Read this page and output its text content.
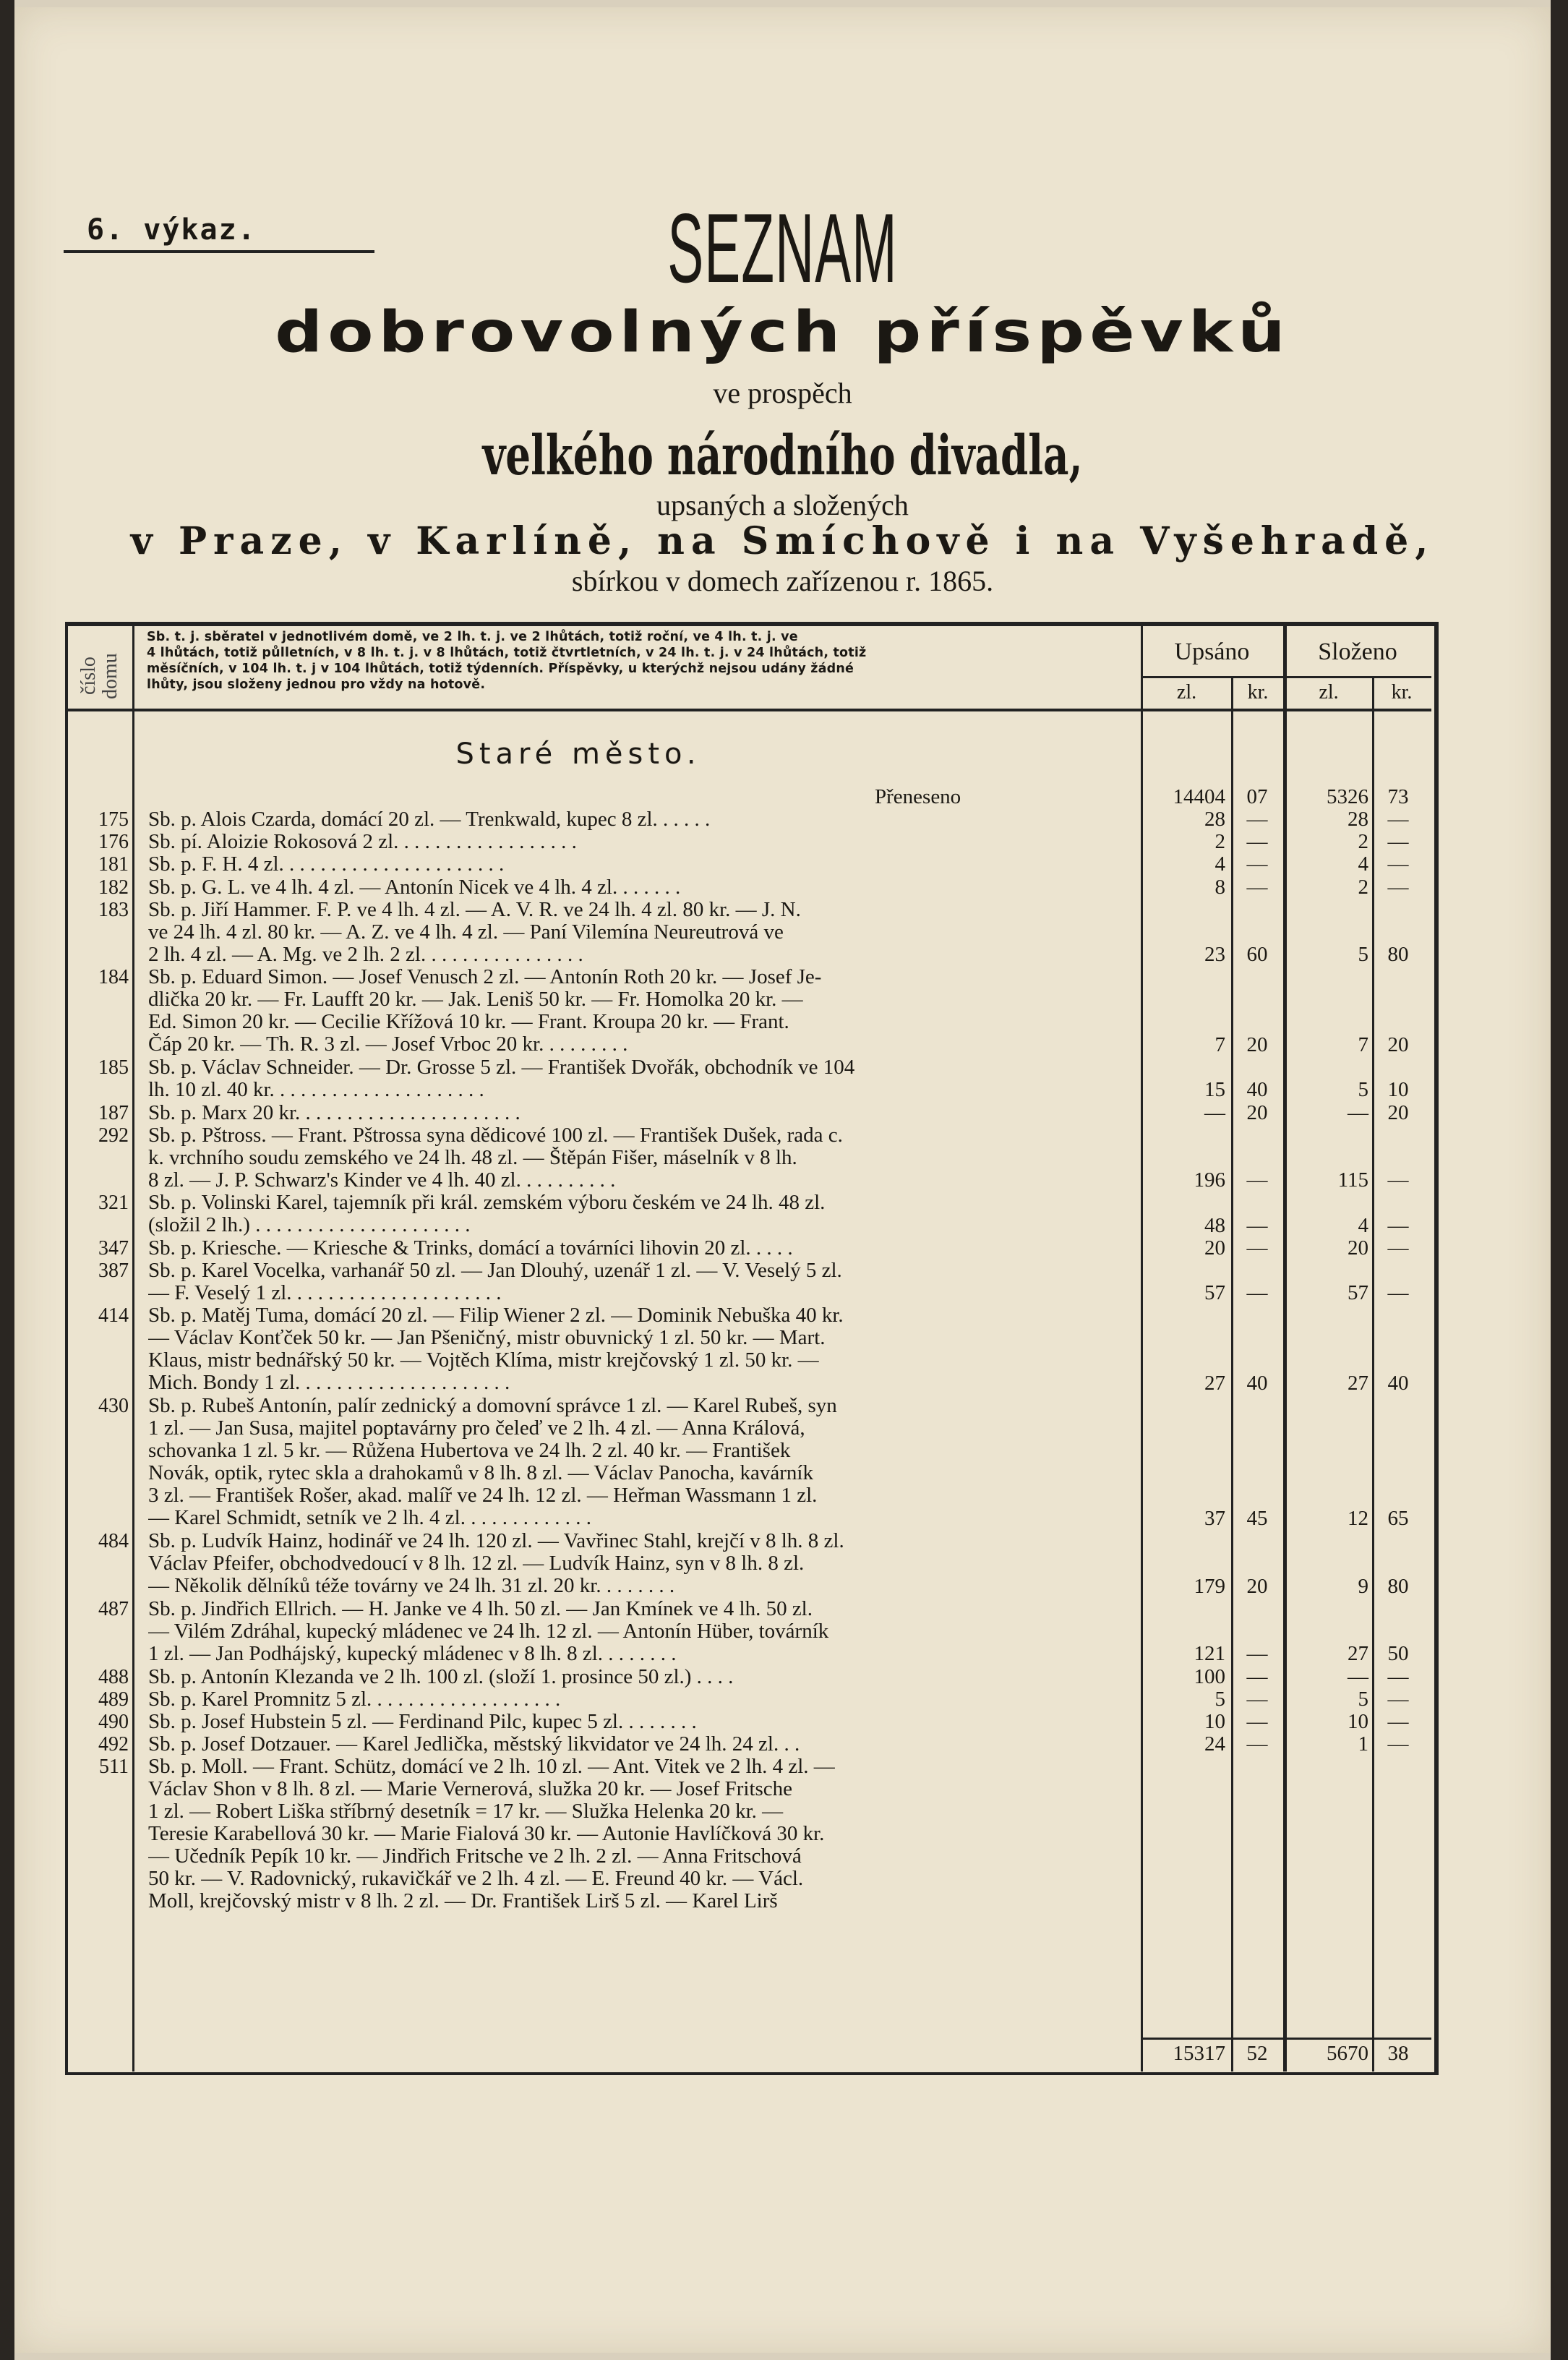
6. výkaz.	SEZNAM
dobrovolných příspěvků
ve prospěch
velkého národního divadla,
upsaných a složených
v Praze, v Karlíně, na Smíchově i na Vyšehradě,
sbírkou v domech zařízenou r. 1865.
číslo domu
Sb. t. j. sběratel v jednotlivém domě, ve 2 lh. t. j. ve 2 lhůtách, totiž roční, ve 4 lh. t. j. ve
4 lhůtách, totiž půlletních, v 8 lh. t. j. v 8 lhůtách, totiž čtvrtletních, v 24 lh. t. j. v 24 lhůtách, totiž
měsíčních, v 104 lh. t. j v 104 lhůtách, totiž týdenních. Příspěvky, u kterýchž nejsou udány žádné
lhůty, jsou složeny jednou pro vždy na hotově.
Upsáno	Složeno
zl.	kr.	zl.	kr.
Staré město.
Přeneseno	14404	07	5326 73
175 Sb. p. Alois Czarda, domácí 20 zl. — Trenkwald, kupec 8 zl. . . . . .	28	—	28 —
176 Sb. pí. Aloizie Rokosová 2 zl. . . . . . . . . . . . . . . . . .	2	—	2 —
181 Sb. p. F. H. 4 zl. . . . . . . . . . . . . . . . . . . . . .	4	—	4 —
182 Sb. p. G. L. ve 4 lh. 4 zl. — Antonín Nicek ve 4 lh. 4 zl. . . . . . .	8	—	2 —
183 Sb. p. Jiří Hammer. F. P. ve 4 lh. 4 zl. — A. V. R. ve 24 lh. 4 zl. 80 kr. — J. N.
ve 24 lh. 4 zl. 80 kr. — A. Z. ve 4 lh. 4 zl. — Paní Vilemína Neureutrová ve
2 lh. 4 zl. — A. Mg. ve 2 lh. 2 zl. . . . . . . . . . . . . . . .	23	60	5 80
184 Sb. p. Eduard Simon. — Josef Venusch 2 zl. — Antonín Roth 20 kr. — Josef Je-
dlička 20 kr. — Fr. Laufft 20 kr. — Jak. Leniš 50 kr. — Fr. Homolka 20 kr. —
Ed. Simon 20 kr. — Cecilie Křížová 10 kr. — Frant. Kroupa 20 kr. — Frant.
Čáp 20 kr. — Th. R. 3 zl. — Josef Vrboc 20 kr. . . . . . . . .	7	20	7 20
185 Sb. p. Václav Schneider. — Dr. Grosse 5 zl. — František Dvořák, obchodník ve 104
lh. 10 zl. 40 kr. . . . . . . . . . . . . . . . . . . . .	15	40	5 10
187 Sb. p. Marx 20 kr. . . . . . . . . . . . . . . . . . . . . .	—	20	— 20
292 Sb. p. Pštross. — Frant. Pštrossa syna dědicové 100 zl. — František Dušek, rada c.
k. vrchního soudu zemského ve 24 lh. 48 zl. — Štěpán Fišer, máselník v 8 lh.
8 zl. — J. P. Schwarz's Kinder ve 4 lh. 40 zl. . . . . . . . . .	196	—	115 —
321 Sb. p. Volinski Karel, tajemník při král. zemském výboru českém ve 24 lh. 48 zl.
(složil 2 lh.) . . . . . . . . . . . . . . . . . . . . .	48	—	4 —
347 Sb. p. Kriesche. — Kriesche & Trinks, domácí a továrníci lihovin 20 zl. . . . .	20	—	20 —
387 Sb. p. Karel Vocelka, varhanář 50 zl. — Jan Dlouhý, uzenář 1 zl. — V. Veselý 5 zl.
— F. Veselý 1 zl. . . . . . . . . . . . . . . . . . . . .	57	—	57 —
414 Sb. p. Matěj Tuma, domácí 20 zl. — Filip Wiener 2 zl. — Dominik Nebuška 40 kr.
— Václav Konťček 50 kr. — Jan Pšeničný, mistr obuvnický 1 zl. 50 kr. — Mart.
Klaus, mistr bednářský 50 kr. — Vojtěch Klíma, mistr krejčovský 1 zl. 50 kr. —
Mich. Bondy 1 zl. . . . . . . . . . . . . . . . . . . . .	27	40	27 40
430 Sb. p. Rubeš Antonín, palír zednický a domovní správce 1 zl. — Karel Rubeš, syn
1 zl. — Jan Susa, majitel poptavárny pro čeleď ve 2 lh. 4 zl. — Anna Králová,
schovanka 1 zl. 5 kr. — Růžena Hubertova ve 24 lh. 2 zl. 40 kr. — František
Novák, optik, rytec skla a drahokamů v 8 lh. 8 zl. — Václav Panocha, kavárník
3 zl. — František Rošer, akad. malíř ve 24 lh. 12 zl. — Heřman Wassmann 1 zl.
— Karel Schmidt, setník ve 2 lh. 4 zl. . . . . . . . . . . . .	37	45	12 65
484 Sb. p. Ludvík Hainz, hodinář ve 24 lh. 120 zl. — Vavřinec Stahl, krejčí v 8 lh. 8 zl.
Václav Pfeifer, obchodvedoucí v 8 lh. 12 zl. — Ludvík Hainz, syn v 8 lh. 8 zl.
— Několik dělníků téže továrny ve 24 lh. 31 zl. 20 kr. . . . . . . .	179	20	9 80
487 Sb. p. Jindřich Ellrich. — H. Janke ve 4 lh. 50 zl. — Jan Kmínek ve 4 lh. 50 zl.
— Vilém Zdráhal, kupecký mládenec ve 24 lh. 12 zl. — Antonín Hüber, továrník
1 zl. — Jan Podhájský, kupecký mládenec v 8 lh. 8 zl. . . . . . . .	121	—	27 50
488 Sb. p. Antonín Klezanda ve 2 lh. 100 zl. (složí 1. prosince 50 zl.) . . . .	100	—	— —
489 Sb. p. Karel Promnitz 5 zl. . . . . . . . . . . . . . . . . . .	5	—	5 —
490 Sb. p. Josef Hubstein 5 zl. — Ferdinand Pilc, kupec 5 zl. . . . . . . .	10	—	10 —
492 Sb. p. Josef Dotzauer. — Karel Jedlička, městský likvidator ve 24 lh. 24 zl. . .	24	—	1 —
511 Sb. p. Moll. — Frant. Schütz, domácí ve 2 lh. 10 zl. — Ant. Vitek ve 2 lh. 4 zl. —
Václav Shon v 8 lh. 8 zl. — Marie Vernerová, služka 20 kr. — Josef Fritsche
1 zl. — Robert Liška stříbrný desetník = 17 kr. — Služka Helenka 20 kr. —
Teresie Karabellová 30 kr. — Marie Fialová 30 kr. — Autonie Havlíčková 30 kr.
— Učedník Pepík 10 kr. — Jindřich Fritsche ve 2 lh. 2 zl. — Anna Fritschová
50 kr. — V. Radovnický, rukavičkář ve 2 lh. 4 zl. — E. Freund 40 kr. — Václ.
Moll, krejčovský mistr v 8 lh. 2 zl. — Dr. František Lirš 5 zl. — Karel Lirš
15317	52	5670 38
